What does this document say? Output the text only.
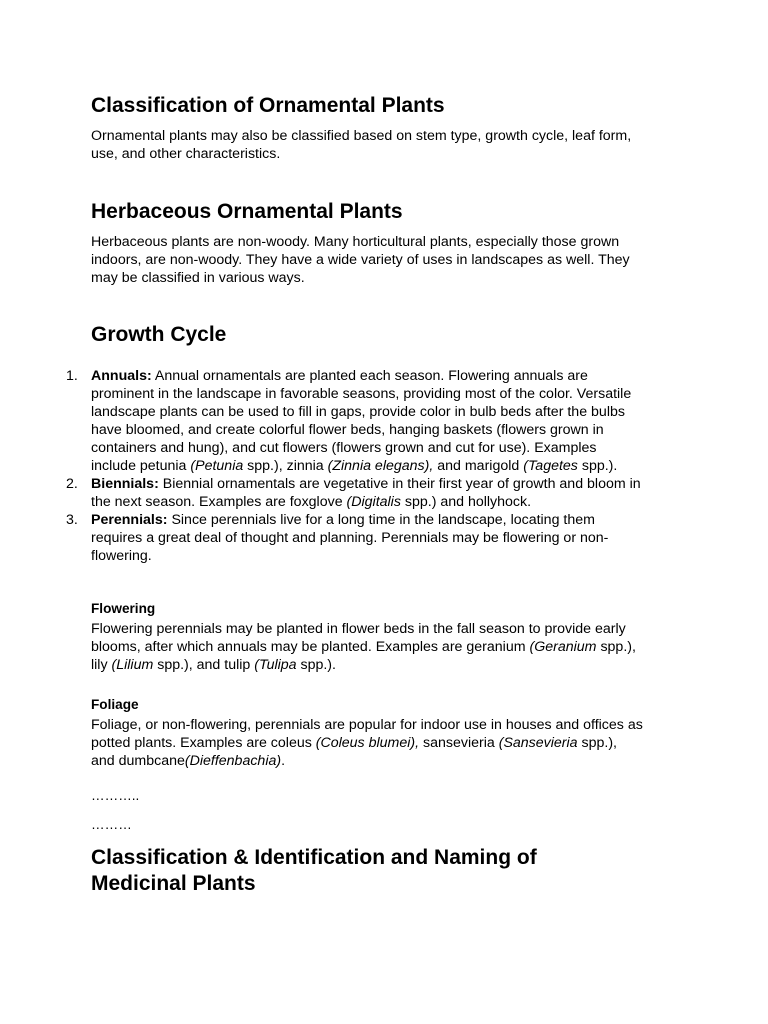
Classification of Ornamental Plants
Ornamental plants may also be classified based on stem type, growth cycle, leaf form,
use, and other characteristics.
Herbaceous Ornamental Plants
Herbaceous plants are non-woody. Many horticultural plants, especially those grown
indoors, are non-woody. They have a wide variety of uses in landscapes as well. They
may be classified in various ways.
Growth Cycle
1. Annuals: Annual ornamentals are planted each season. Flowering annuals are
prominent in the landscape in favorable seasons, providing most of the color. Versatile
landscape plants can be used to fill in gaps, provide color in bulb beds after the bulbs
have bloomed, and create colorful flower beds, hanging baskets (flowers grown in
containers and hung), and cut flowers (flowers grown and cut for use). Examples
include petunia (Petunia spp.), zinnia (Zinnia elegans), and marigold (Tagetes spp.).
2. Biennials: Biennial ornamentals are vegetative in their first year of growth and bloom in
the next season. Examples are foxglove (Digitalis spp.) and hollyhock.
3. Perennials: Since perennials live for a long time in the landscape, locating them
requires a great deal of thought and planning. Perennials may be flowering or non-
flowering.
Flowering
Flowering perennials may be planted in flower beds in the fall season to provide early
blooms, after which annuals may be planted. Examples are geranium (Geranium spp.),
lily (Lilium spp.), and tulip (Tulipa spp.).
Foliage
Foliage, or non-flowering, perennials are popular for indoor use in houses and offices as
potted plants. Examples are coleus (Coleus blumei), sansevieria (Sansevieria spp.),
and dumbcane(Dieffenbachia).
………..
………
Classification & Identification and Naming of
Medicinal Plants
